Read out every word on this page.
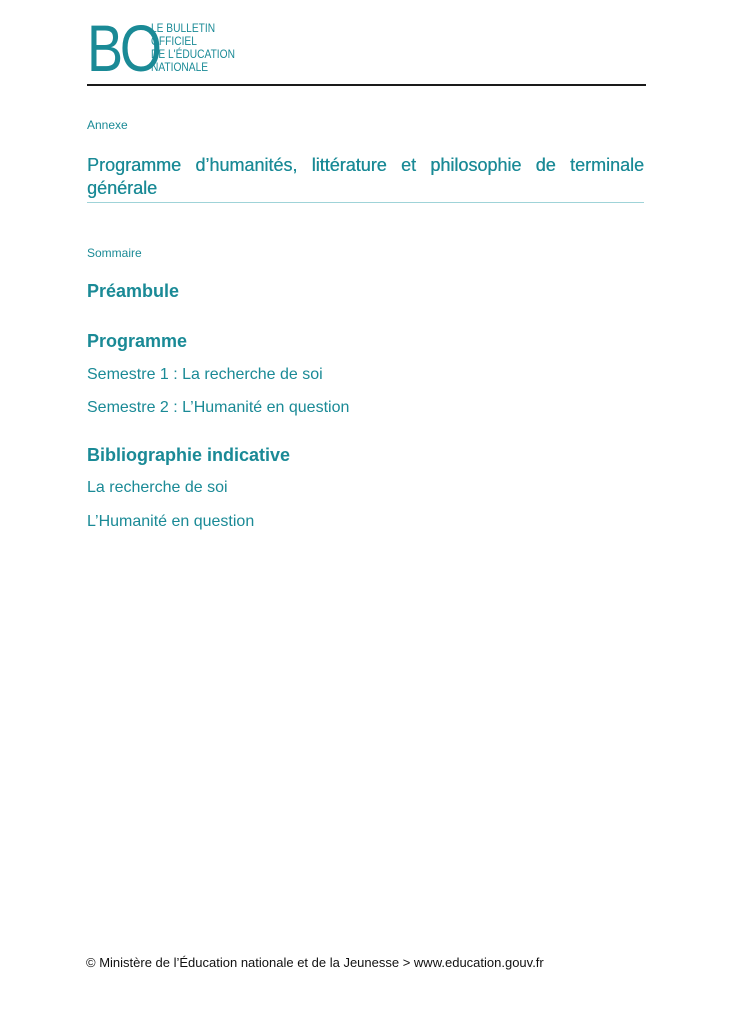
BO
LE BULLETIN
OFFICIEL
DE L'ÉDUCATION
NATIONALE
Annexe
Programme d’humanités, littérature et philosophie de terminale générale
Sommaire
Préambule
Programme
Semestre 1 : La recherche de soi
Semestre 2 : L’Humanité en question
Bibliographie indicative
La recherche de soi
L’Humanité en question
© Ministère de l’Éducation nationale et de la Jeunesse > www.education.gouv.fr
